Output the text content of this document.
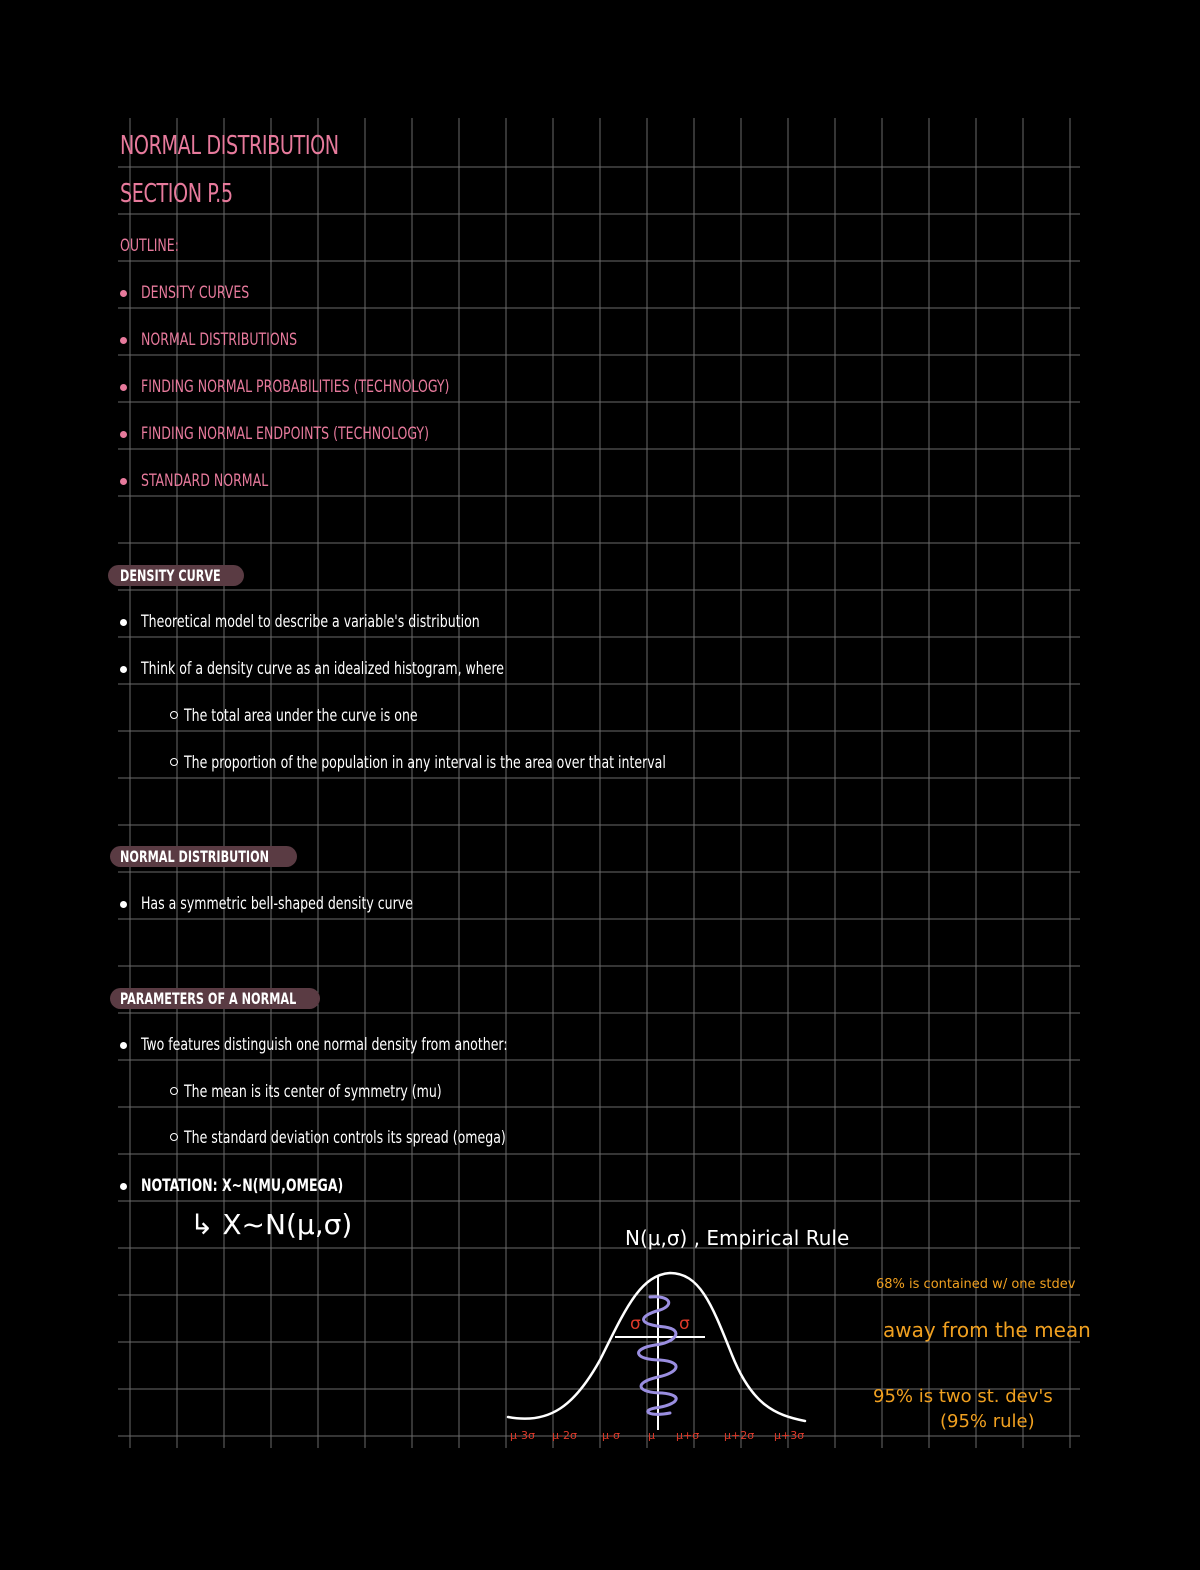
NORMAL DISTRIBUTION
SECTION P.5
OUTLINE:
DENSITY CURVES
NORMAL DISTRIBUTIONS
FINDING NORMAL PROBABILITIES (TECHNOLOGY)
FINDING NORMAL ENDPOINTS (TECHNOLOGY)
STANDARD NORMAL
DENSITY CURVE
Theoretical model to describe a variable's distribution
Think of a density curve as an idealized histogram, where
The total area under the curve is one
The proportion of the population in any interval is the area over that interval
NORMAL DISTRIBUTION
Has a symmetric bell-shaped density curve
PARAMETERS OF A NORMAL
Two features distinguish one normal density from another:
The mean is its center of symmetry (mu)
The standard deviation controls its spread (omega)
NOTATION: X~N(MU,OMEGA)
↳ X~N(μ,σ)	N(μ,σ) , Empirical Rule
σ σ
μ-3σ μ-2σ μ-σ	μ μ+σ μ+2σ μ+3σ
68% is contained w/ one stdev
away from the mean
95% is two st. dev's
(95% rule)
